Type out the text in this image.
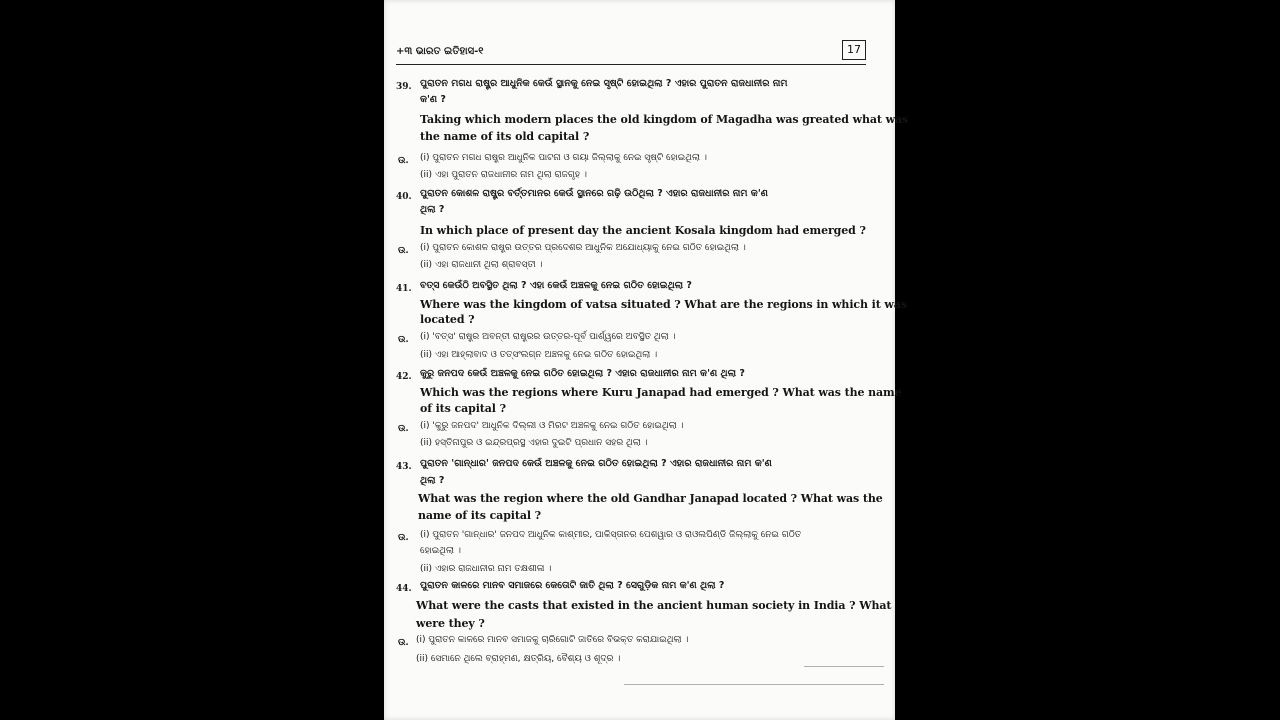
+୩ ଭାରତ ଇତିହାସ-୧	17
39. ପୁରାତନ ମଗଧ ରାଷ୍ଟ୍ର ଆଧୁନିକ କେଉଁ ସ୍ଥାନକୁ ନେଇ ସୃଷ୍ଟି ହୋଇଥିଲା ? ଏହାର ପୁରାତନ ରାଜଧାନୀର ନାମ
କ'ଣ ?
Taking which modern places the old kingdom of Magadha was greated what was
the name of its old capital ?
ଉ. (i) ପୁରାତନ ମଗଧ ରାଷ୍ଟ୍ର ଆଧୁନିକ ପାଟନା ଓ ଗୟା ଜିଲ୍ଲାକୁ ନେଇ ସୃଷ୍ଟି ହୋଇଥିଲା ।
(ii) ଏହା ପୁରାତନ ରାଜଧାନୀର ନାମ ଥିଲା ରାଜଗୃହ ।
40. ପୁରାତନ କୋଶଳ ରାଷ୍ଟ୍ର ବର୍ତ୍ତମାନର କେଉଁ ସ୍ଥାନରେ ଗଢ଼ି ଉଠିଥିଲା ? ଏହାର ରାଜଧାନୀର ନାମ କ'ଣ
ଥିଲା ?
In which place of present day the ancient Kosala kingdom had emerged ?
ଉ. (i) ପୁରାତନ କୋଶଳ ରାଷ୍ଟ୍ର ଉତ୍ତର ପ୍ରଦେଶର ଆଧୁନିକ ଅଯୋଧ୍ୟାକୁ ନେଇ ଗଠିତ ହୋଇଥିଲା ।
(ii) ଏହା ରାଜଧାନୀ ଥିଲା ଶ୍ରାବସ୍ତୀ ।
41. ବତ୍ସ କେଉଁଠି ଅବସ୍ଥିତ ଥିଲା ? ଏହା କେଉଁ ଅଞ୍ଚଳକୁ ନେଇ ଗଠିତ ହୋଇଥିଲା ?
Where was the kingdom of vatsa situated ? What are the regions in which it was
located ?
ଉ. (i) 'ବତ୍ସ' ରାଷ୍ଟ୍ର ଅବନ୍ତୀ ରାଷ୍ଟ୍ରର ଉତ୍ତର-ପୂର୍ବ ପାର୍ଶ୍ୱରେ ଅବସ୍ଥିତ ଥିଲା ।
(ii) ଏହା ଆହ୍ଲାବାଦ ଓ ତତ୍ସଂଲଗ୍ନ ଅଞ୍ଚଳକୁ ନେଇ ଗଠିତ ହୋଇଥିଲା ।
42. କୁରୁ ଜନପଦ କେଉଁ ଅଞ୍ଚଳକୁ ନେଇ ଗଠିତ ହୋଇଥିଲା ? ଏହାର ରାଜଧାନୀର ନାମ କ'ଣ ଥିଲା ?
Which was the regions where Kuru Janapad had emerged ? What was the name
of its capital ?
ଉ. (i) 'କୁରୁ ଜନପଦ' ଆଧୁନିକ ଦିଲ୍ଲୀ ଓ ମିରଟ ଅଞ୍ଚଳକୁ ନେଇ ଗଠିତ ହୋଇଥିଲା ।
(ii) ହସ୍ତିନାପୁର ଓ ଇନ୍ଦ୍ରପ୍ରସ୍ଥ ଏହାର ଦୁଇଟି ପ୍ରଧାନ ସହର ଥିଲା ।
43. ପୁରାତନ 'ଗାନ୍ଧାର' ଜନପଦ କେଉଁ ଅଞ୍ଚଳକୁ ନେଇ ଗଠିତ ହୋଇଥିଲା ? ଏହାର ରାଜଧାନୀର ନାମ କ'ଣ
ଥିଲା ?
What was the region where the old Gandhar Janapad located ? What was the
name of its capital ?
ଉ. (i) ପୁରାତନ 'ଗାନ୍ଧାର' ଜନପଦ ଆଧୁନିକ କାଶ୍ମୀର, ପାକିସ୍ତାନର ପେଶୱାର ଓ ରାଓଲପିଣ୍ଡି ଜିଲ୍ଲାକୁ ନେଇ ଗଠିତ
ହୋଇଥିଲା ।
(ii) ଏହାର ରାଜଧାନୀର ନାମ ତକ୍ଷଶୀଳା ।
44. ପୁରାତନ କାଳରେ ମାନବ ସମାଜରେ କେତୋଟି ଜାତି ଥିଲା ? ସେଗୁଡ଼ିକ ନାମ କ'ଣ ଥିଲା ?
What were the casts that existed in the ancient human society in India ? What
were they ?
ଉ. (i) ପୁରାତନ କାଳରେ ମାନବ ସମାଜକୁ ଚାରିଗୋଟି ଜାତିରେ ବିଭକ୍ତ କରାଯାଇଥିଲା ।
(ii) ସେମାନେ ଥିଲେ ବ୍ରାହ୍ମଣ, କ୍ଷତ୍ରିୟ, ବୈଶ୍ୟ ଓ ଶୂଦ୍ର ।
